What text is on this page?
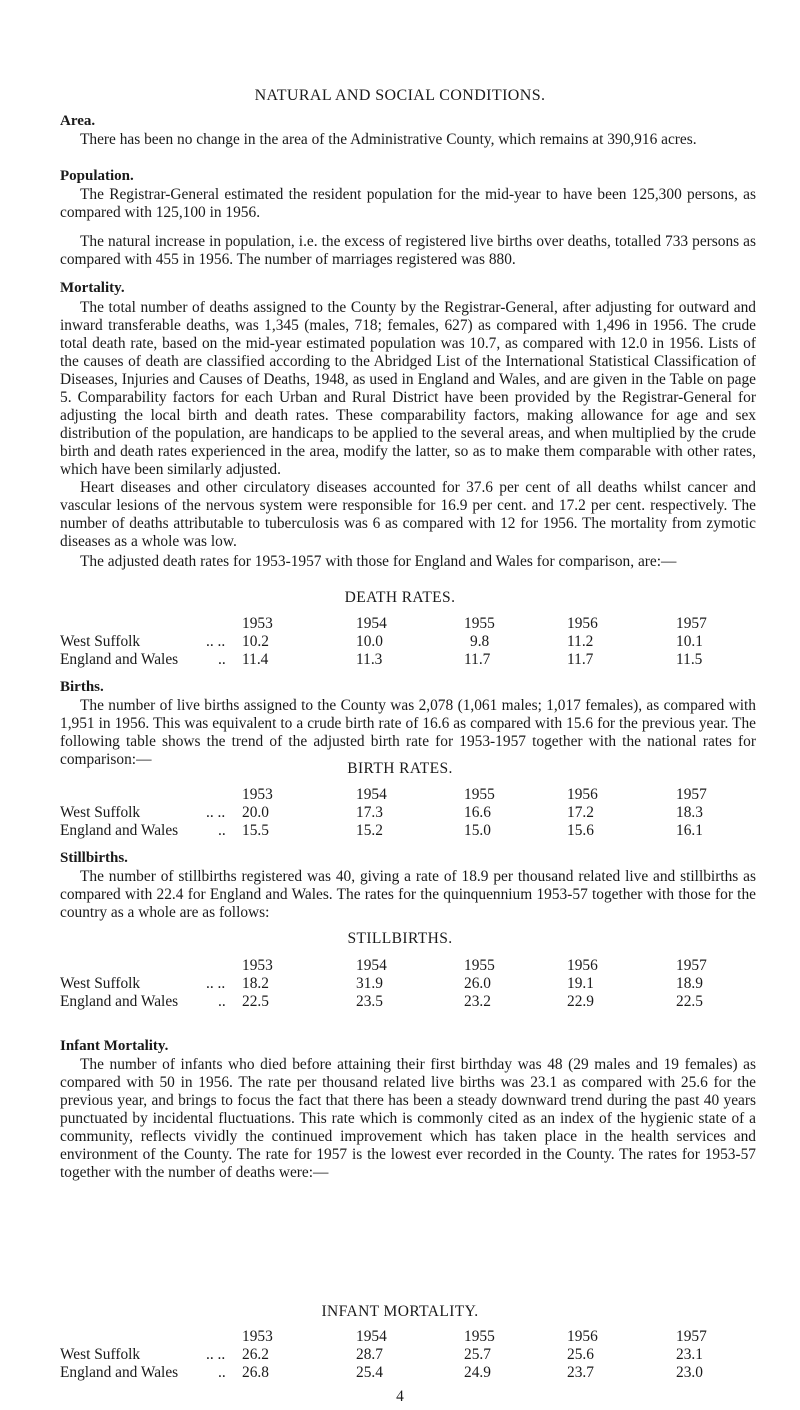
NATURAL AND SOCIAL CONDITIONS.
Area.

There has been no change in the area of the Administrative County, which remains at 390,916 acres.

Population.

The Registrar-General estimated the resident population for the mid-year to have been 125,300 persons, as compared with 125,100 in 1956.

The natural increase in population, i.e. the excess of registered live births over deaths, totalled 733 persons as compared with 455 in 1956. The number of marriages registered was 880.

Mortality.

The total number of deaths assigned to the County by the Registrar-General, after adjusting for outward and inward transferable deaths, was 1,345 (males, 718; females, 627) as compared with 1,496 in 1956. The crude total death rate, based on the mid-year estimated population was 10.7, as compared with 12.0 in 1956. Lists of the causes of death are classified according to the Abridged List of the International Statistical Classification of Diseases, Injuries and Causes of Deaths, 1948, as used in England and Wales, and are given in the Table on page 5. Comparability factors for each Urban and Rural District have been provided by the Registrar-General for adjusting the local birth and death rates. These comparability factors, making allowance for age and sex distribution of the population, are handicaps to be applied to the several areas, and when multiplied by the crude birth and death rates experienced in the area, modify the latter, so as to make them comparable with other rates, which have been similarly adjusted.

Heart diseases and other circulatory diseases accounted for 37.6 per cent of all deaths whilst cancer and vascular lesions of the nervous system were responsible for 16.9 per cent. and 17.2 per cent. respectively. The number of deaths attributable to tuberculosis was 6 as compared with 12 for 1956. The mortality from zymotic diseases as a whole was low.

The adjusted death rates for 1953-1957 with those for England and Wales for comparison, are:—

DEATH RATES.
1953	1954	1955	1956	1957
West Suffolk	.. .. 10.2	10.0	9.8	11.2	10.1
England and Wales	.. 11.4	11.3	11.7	11.7	11.5
Births.

The number of live births assigned to the County was 2,078 (1,061 males; 1,017 females), as compared with 1,951 in 1956. This was equivalent to a crude birth rate of 16.6 as compared with 15.6 for the previous year. The following table shows the trend of the adjusted birth rate for 1953-1957 together with the national rates for comparison:—

BIRTH RATES.
1953	1954	1955	1956	1957
West Suffolk	.. .. 20.0	17.3	16.6	17.2	18.3
England and Wales	.. 15.5	15.2	15.0	15.6	16.1
Stillbirths.

The number of stillbirths registered was 40, giving a rate of 18.9 per thousand related live and stillbirths as compared with 22.4 for England and Wales. The rates for the quinquennium 1953-57 together with those for the country as a whole are as follows:

STILLBIRTHS.
1953	1954	1955	1956	1957
West Suffolk	.. .. 18.2	31.9	26.0	19.1	18.9
England and Wales	.. 22.5	23.5	23.2	22.9	22.5
Infant Mortality.

The number of infants who died before attaining their first birthday was 48 (29 males and 19 females) as compared with 50 in 1956. The rate per thousand related live births was 23.1 as compared with 25.6 for the previous year, and brings to focus the fact that there has been a steady downward trend during the past 40 years punctuated by incidental fluctuations. This rate which is commonly cited as an index of the hygienic state of a community, reflects vividly the continued improvement which has taken place in the health services and environment of the County. The rate for 1957 is the lowest ever recorded in the County. The rates for 1953-57 together with the number of deaths were:—

INFANT MORTALITY.
1953	1954	1955	1956	1957
West Suffolk	.. .. 26.2	28.7	25.7	25.6	23.1
England and Wales	.. 26.8	25.4	24.9	23.7	23.0
4
